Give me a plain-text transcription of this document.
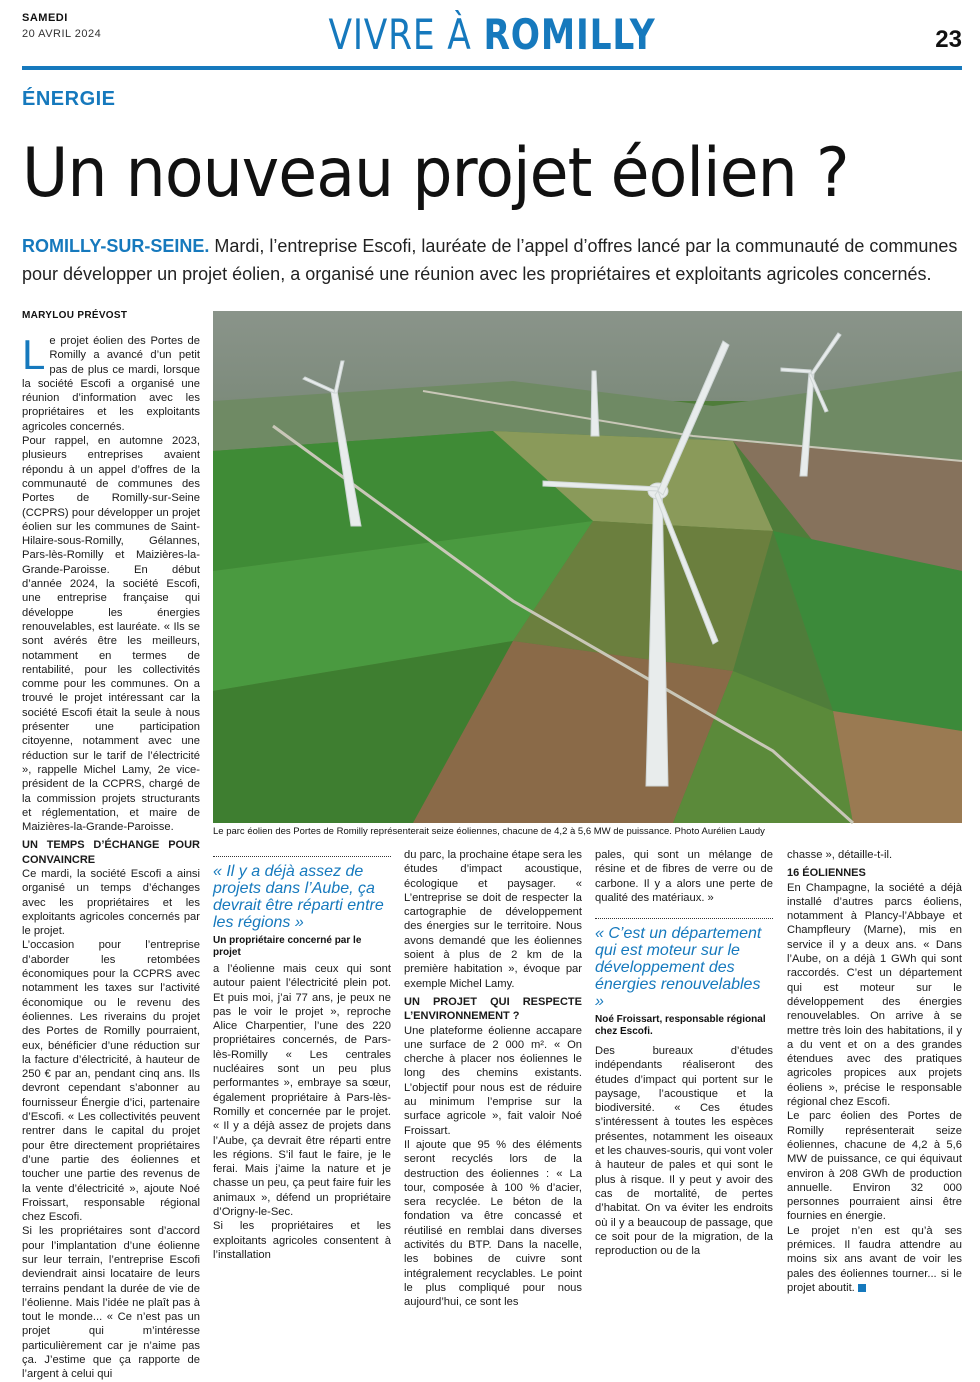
SAMEDI
20 AVRIL 2024	VIVRE À ROMILLY	23
ÉNERGIE
Un nouveau projet éolien ?
ROMILLY-SUR-SEINE. Mardi, l’entreprise Escofi, lauréate de l’appel d’offres lancé par la communauté de communes pour développer un projet éolien, a organisé une réunion avec les propriétaires et exploitants agricoles concernés.
MARYLOU PRÉVOST

Le projet éolien des Portes de Romilly a avancé d’un petit pas de plus ce mardi, lorsque la société Escofi a organisé une réunion d’information avec les propriétaires et les exploitants agricoles concernés.

Pour rappel, en automne 2023, plusieurs entreprises avaient répondu à un appel d’offres de la communauté de communes des Portes de Romilly-sur-Seine (CCPRS) pour développer un projet éolien sur les communes de Saint-Hilaire-sous-Romilly, Gélannes, Pars-lès-Romilly et Maizières-la-Grande-Paroisse. En début d’année 2024, la société Escofi, une entreprise française qui développe les énergies renouvelables, est lauréate. « Ils se sont avérés être les meilleurs, notamment en termes de rentabilité, pour les collectivités comme pour les communes. On a trouvé le projet intéressant car la société Escofi était la seule à nous présenter une participation citoyenne, notamment avec une réduction sur le tarif de l’électricité », rappelle Michel Lamy, 2e vice-président de la CCPRS, chargé de la commission projets structurants et réglementation, et maire de Maizières-la-Grande-Paroisse.

UN TEMPS D’ÉCHANGE POUR CONVAINCRE

Ce mardi, la société Escofi a ainsi organisé un temps d’échanges avec les propriétaires et les exploitants agricoles concernés par le projet.

L’occasion pour l’entreprise d’aborder les retombées économiques pour la CCPRS avec notamment les taxes sur l’activité économique ou le revenu des éoliennes. Les riverains du projet des Portes de Romilly pourraient, eux, bénéficier d’une réduction sur la facture d’électricité, à hauteur de 250 € par an, pendant cinq ans. Ils devront cependant s’abonner au fournisseur Énergie d’ici, partenaire d’Escofi. « Les collectivités peuvent rentrer dans le capital du projet pour être directement propriétaires d’une partie des éoliennes et toucher une partie des revenus de la vente d’électricité », ajoute Noé Froissart, responsable régional chez Escofi.

Si les propriétaires sont d’accord pour l’implantation d’une éolienne sur leur terrain, l’entreprise Escofi deviendrait ainsi locataire de leurs terrains pendant la durée de vie de l’éolienne. Mais l’idée ne plaît pas à tout le monde... « Ce n’est pas un projet qui m’intéresse particulièrement car je n’aime pas ça. J’estime que ça rapporte de l’argent à celui qui

Le parc éolien des Portes de Romilly représenterait seize éoliennes, chacune de 4,2 à 5,6 MW de puissance. Photo Aurélien Laudy
« Il y a déjà assez de projets dans l’Aube, ça devrait être réparti entre les régions »
Un propriétaire concerné par le projet

a l’éolienne mais ceux qui sont autour paient l’électricité plein pot. Et puis moi, j’ai 77 ans, je peux ne pas le voir le projet », reproche Alice Charpentier, l’une des 220 propriétaires concernés, de Pars-lès-Romilly « Les centrales nucléaires sont un peu plus performantes », embraye sa sœur, également propriétaire à Pars-lès-Romilly et concernée par le projet. « Il y a déjà assez de projets dans l’Aube, ça devrait être réparti entre les régions. S’il faut le faire, je le ferai. Mais j’aime la nature et je chasse un peu, ça peut faire fuir les animaux », défend un propriétaire d’Origny-le-Sec.

Si les propriétaires et les exploitants agricoles consentent à l’installation

du parc, la prochaine étape sera les études d’impact acoustique, écologique et paysager. « L’entreprise se doit de respecter la cartographie de développement des énergies sur le territoire. Nous avons demandé que les éoliennes soient à plus de 2 km de la première habitation », évoque par exemple Michel Lamy.

UN PROJET QUI RESPECTE L’ENVIRONNEMENT ?

Une plateforme éolienne accapare une surface de 2 000 m². « On cherche à placer nos éoliennes le long des chemins existants. L’objectif pour nous est de réduire au minimum l’emprise sur la surface agricole », fait valoir Noé Froissart.

Il ajoute que 95 % des éléments seront recyclés lors de la destruction des éoliennes : « La tour, composée à 100 % d’acier, sera recyclée. Le béton de la fondation va être concassé et réutilisé en remblai dans diverses activités du BTP. Dans la nacelle, les bobines de cuivre sont intégralement recyclables. Le point le plus compliqué pour nous aujourd’hui, ce sont les

pales, qui sont un mélange de résine et de fibres de verre ou de carbone. Il y a alors une perte de qualité des matériaux. »

« C’est un département qui est moteur sur le développement des énergies renouvelables »
Noé Froissart, responsable régional chez Escofi.

Des bureaux d’études indépendants réaliseront des études d’impact qui portent sur le paysage, l’acoustique et la biodiversité. « Ces études s’intéressent à toutes les espèces présentes, notamment les oiseaux et les chauves-souris, qui vont voler à hauteur de pales et qui sont le plus à risque. Il y peut y avoir des cas de mortalité, de pertes d’habitat. On va éviter les endroits où il y a beaucoup de passage, que ce soit pour de la migration, de la reproduction ou de la

chasse », détaille-t-il.

16 ÉOLIENNES

En Champagne, la société a déjà installé d’autres parcs éoliens, notamment à Plancy-l’Abbaye et Champfleury (Marne), mis en service il y a deux ans. « Dans l’Aube, on a déjà 1 GWh qui sont raccordés. C’est un département qui est moteur sur le développement des énergies renouvelables. On arrive à se mettre très loin des habitations, il y a du vent et on a des grandes étendues avec des pratiques agricoles propices aux projets éoliens », précise le responsable régional chez Escofi.

Le parc éolien des Portes de Romilly représenterait seize éoliennes, chacune de 4,2 à 5,6 MW de puissance, ce qui équivaut environ à 208 GWh de production annuelle. Environ 32 000 personnes pourraient ainsi être fournies en énergie.

Le projet n’en est qu’à ses prémices. Il faudra attendre au moins six ans avant de voir les pales des éoliennes tourner... si le projet aboutit.
